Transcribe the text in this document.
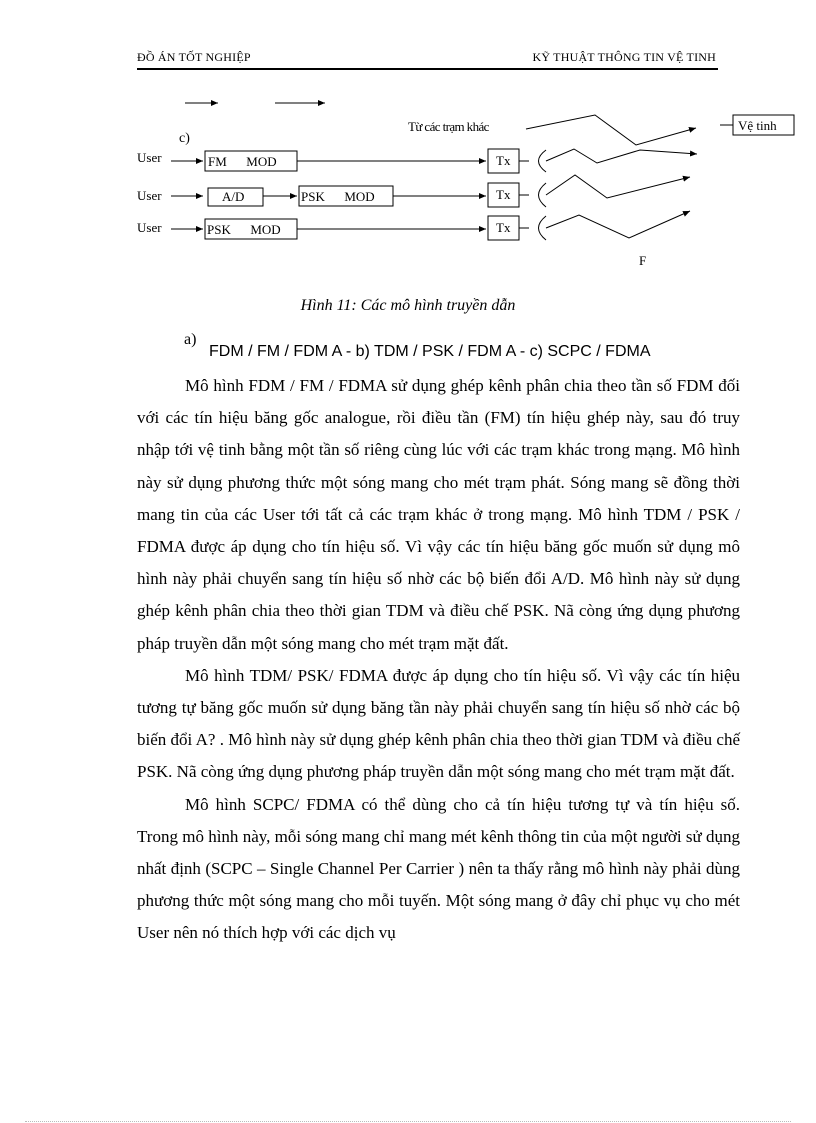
ĐỒ ÁN TỐT NGHIỆP	KỸ THUẬT THÔNG TIN VỆ TINH
c)
Từ các trạm khác	Vệ tinh
User
User
User
FM      MOD
A/D	PSK      MOD
PSK      MOD
Tx
Tx
Tx
F
Hình 11: Các mô hình truyền dẫn
a)
FDM / FM / FDM A - b) TDM / PSK / FDM A - c) SCPC / FDMA

Mô hình FDM / FM / FDMA sử dụng ghép kênh phân chia theo tần số FDM đối với các tín hiệu băng gốc analogue, rồi điều tần (FM) tín hiệu ghép này, sau đó truy nhập tới vệ tinh bằng một tần số riêng cùng lúc với các trạm khác trong mạng. Mô hình này sử dụng phương thức một sóng mang cho mét trạm phát. Sóng mang sẽ đồng thời mang tin của các User tới tất cả các trạm khác ở trong mạng. Mô hình TDM / PSK / FDMA được áp dụng cho tín hiệu số. Vì vậy các tín hiệu băng gốc muốn sử dụng mô hình này phải chuyển sang tín hiệu số nhờ các bộ biến đổi A/D. Mô hình này sử dụng ghép kênh phân chia theo thời gian TDM và điều chế PSK. Nã còng ứng dụng phương pháp truyền dẫn một sóng mang cho mét trạm mặt đất.

Mô hình TDM/ PSK/ FDMA được áp dụng cho tín hiệu số. Vì vậy các tín hiệu tương tự băng gốc muốn sử dụng băng tần này phải chuyển sang tín hiệu số nhờ các bộ biến đổi A? . Mô hình này sử dụng ghép kênh phân chia theo thời gian TDM và điều chế PSK. Nã còng ứng dụng phương pháp truyền dẫn một sóng mang cho mét trạm mặt đất.

Mô hình SCPC/ FDMA có thể dùng cho cả tín hiệu tương tự và tín hiệu số. Trong mô hình này, mỗi sóng mang chỉ mang mét kênh thông tin của một người sử dụng nhất định (SCPC – Single Channel Per Carrier ) nên ta thấy rằng mô hình này phải dùng phương thức một sóng mang cho mỗi tuyến. Một sóng mang ở đây chỉ phục vụ cho mét User nên nó thích hợp với các dịch vụ
